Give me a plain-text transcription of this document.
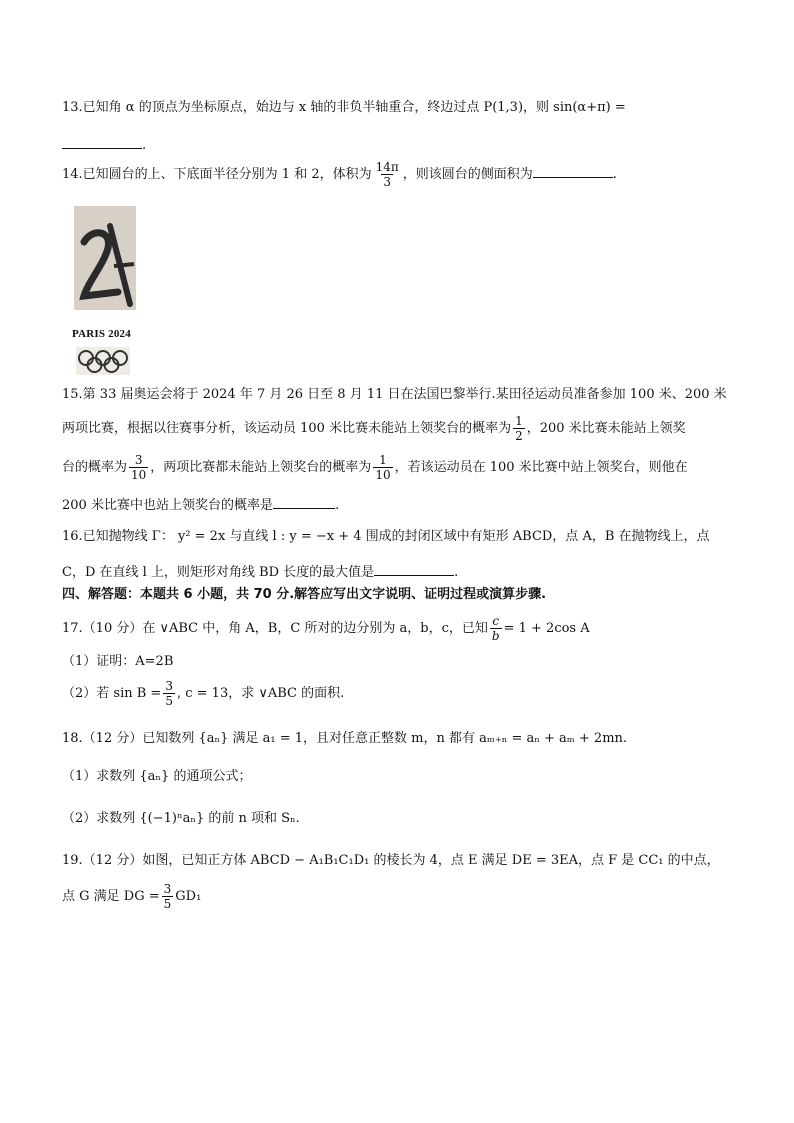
13.已知角 α 的顶点为坐标原点，始边与 x 轴的非负半轴重合，终边过点 P(1,3)，则 sin(α+π) =
.
14.已知圆台的上、下底面半径分别为 1 和 2，体积为 $\frac{14\pi}{3}$ ，则该圆台的侧面积为	.
PARIS 2024
15.第 33 届奥运会将于 2024 年 7 月 26 日至 8 月 11 日在法国巴黎举行.某田径运动员准备参加 100 米、200 米
两项比赛，根据以往赛事分析，该运动员 100 米比赛未能站上领奖台的概率为 $\frac{1}{2}$ ，200 米比赛未能站上领奖
台的概率为 $\frac{3}{10}$ ，两项比赛都未能站上领奖台的概率为 $\frac{1}{10}$ ，若该运动员在 100 米比赛中站上领奖台，则他在
200 米比赛中也站上领奖台的概率是	.
16.已知抛物线 Γ： y² = 2x 与直线 l : y = −x + 4 围成的封闭区域中有矩形 ABCD，点 A，B 在抛物线上，点
C，D 在直线 l 上，则矩形对角线 BD 长度的最大值是	.
四、解答题：本题共 6 小题，共 70 分.解答应写出文字说明、证明过程或演算步骤.
17.（10 分）在 ∨ABC 中，角 A，B，C 所对的边分别为 a，b，c，已知 $\frac{c}{b} = 1 + 2\cos$ A
（1）证明：A=2B
（2）若 $\sin B = \frac{3}{5}$ , c = 13，求 ∨ABC 的面积.
18.（12 分）已知数列 {aₙ} 满足 a₁ = 1，且对任意正整数 m，n 都有 aₘ₊ₙ = aₙ + aₘ + 2mn.
（1）求数列 {aₙ} 的通项公式；
（2）求数列 {(−1)ⁿaₙ} 的前 n 项和 Sₙ.
19.（12 分）如图，已知正方体 ABCD − A₁B₁C₁D₁ 的棱长为 4，点 E 满足 DE = 3EA，点 F 是 CC₁ 的中点，
点 G 满足 DG = $\frac{3}{5} GD_1$
